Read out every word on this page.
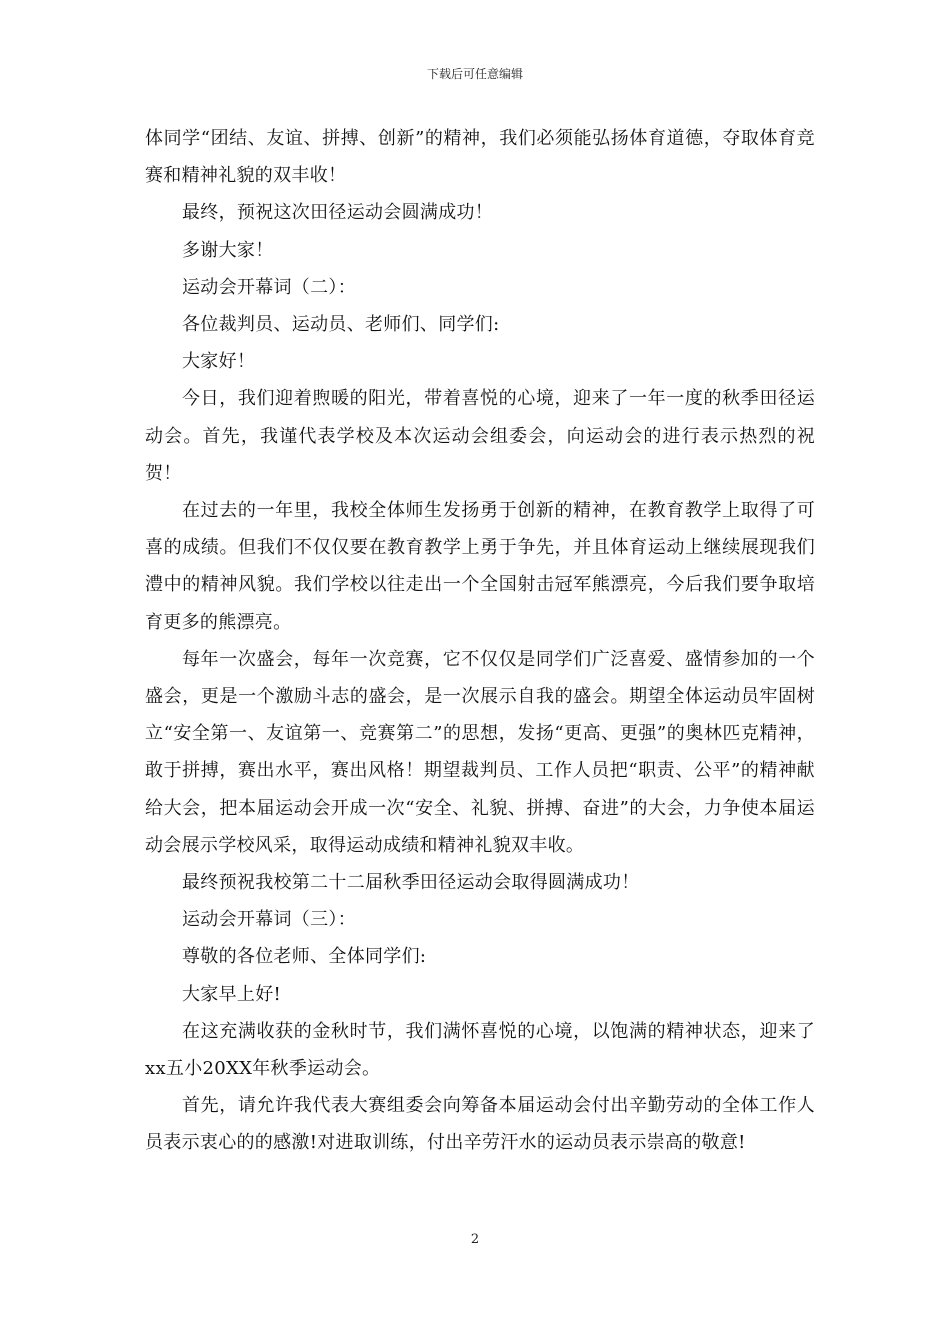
下载后可任意编辑

体同学“团结、友谊、拼搏、创新”的精神，我们必须能弘扬体育道德，夺取体育竞赛和精神礼貌的双丰收！

最终，预祝这次田径运动会圆满成功！

多谢大家！

运动会开幕词（二）：

各位裁判员、运动员、老师们、同学们:

大家好！

今日，我们迎着煦暖的阳光，带着喜悦的心境，迎来了一年一度的秋季田径运动会。首先，我谨代表学校及本次运动会组委会，向运动会的进行表示热烈的祝贺！

在过去的一年里，我校全体师生发扬勇于创新的精神，在教育教学上取得了可喜的成绩。但我们不仅仅要在教育教学上勇于争先，并且体育运动上继续展现我们澧中的精神风貌。我们学校以往走出一个全国射击冠军熊漂亮，今后我们要争取培育更多的熊漂亮。

每年一次盛会，每年一次竞赛，它不仅仅是同学们广泛喜爱、盛情参加的一个盛会，更是一个激励斗志的盛会，是一次展示自我的盛会。期望全体运动员牢固树立“安全第一、友谊第一、竞赛第二”的思想，发扬“更高、更强”的奥林匹克精神，敢于拼搏，赛出水平，赛出风格！期望裁判员、工作人员把“职责、公平”的精神献给大会，把本届运动会开成一次“安全、礼貌、拼搏、奋进”的大会，力争使本届运动会展示学校风采，取得运动成绩和精神礼貌双丰收。

最终预祝我校第二十二届秋季田径运动会取得圆满成功！

运动会开幕词（三）：

尊敬的各位老师、全体同学们:

大家早上好!

在这充满收获的金秋时节，我们满怀喜悦的心境，以饱满的精神状态，迎来了xx五小20XX年秋季运动会。

首先，请允许我代表大赛组委会向筹备本届运动会付出辛勤劳动的全体工作人员表示衷心的的感激!对进取训练，付出辛劳汗水的运动员表示崇高的敬意!

2
